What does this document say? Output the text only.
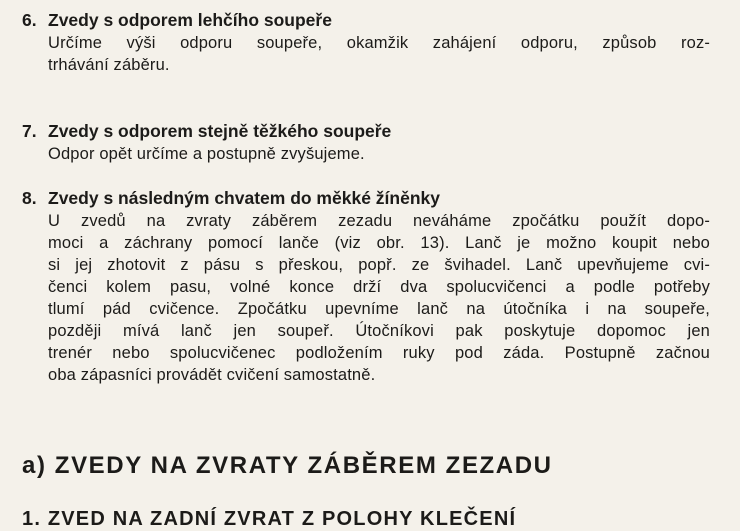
6. Zvedy s odporem lehčího soupeře
Určíme výši odporu soupeře, okamžik zahájení odporu, způsob roz-
trhávání záběru.
7. Zvedy s odporem stejně těžkého soupeře
Odpor opět určíme a postupně zvyšujeme.
8. Zvedy s následným chvatem do měkké žíněnky
U zvedů na zvraty záběrem zezadu neváháme zpočátku použít dopo-
moci a záchrany pomocí lanče (viz obr. 13). Lanč je možno koupit nebo
si jej zhotovit z pásu s přeskou, popř. ze švihadel. Lanč upevňujeme cvi-
čenci kolem pasu, volné konce drží dva spolucvičenci a podle potřeby
tlumí pád cvičence. Zpočátku upevníme lanč na útočníka i na soupeře,
později mívá lanč jen soupeř. Útočníkovi pak poskytuje dopomoc jen
trenér nebo spolucvičenec podložením ruky pod záda. Postupně začnou
oba zápasníci provádět cvičení samostatně.
a) ZVEDY NA ZVRATY ZÁBĚREM ZEZADU
1. ZVED NA ZADNÍ ZVRAT Z POLOHY KLEČENÍ
